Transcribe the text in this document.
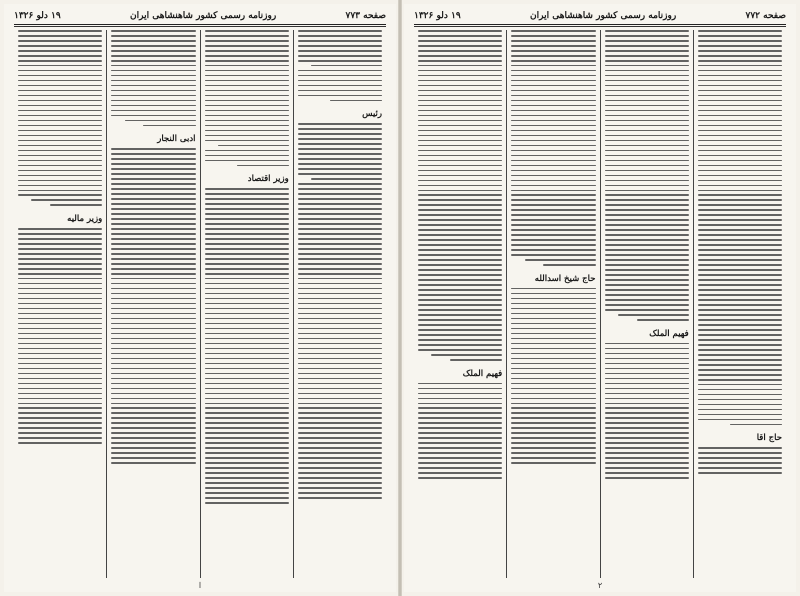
صفحه ۷۷۳
روزنامه رسمی کشور شاهنشاهی ایران
۱۹ دلو ۱۳۲۶
رئیس
وزیر اقتصاد
ادبی النجار
وزیر مالیه
ا
صفحه ۷۷۲
روزنامه رسمی کشور شاهنشاهی ایران
۱۹ دلو ۱۳۲۶
حاج آقا
فهیم الملک
حاج شیخ اسدالله
فهیم الملک
۲
